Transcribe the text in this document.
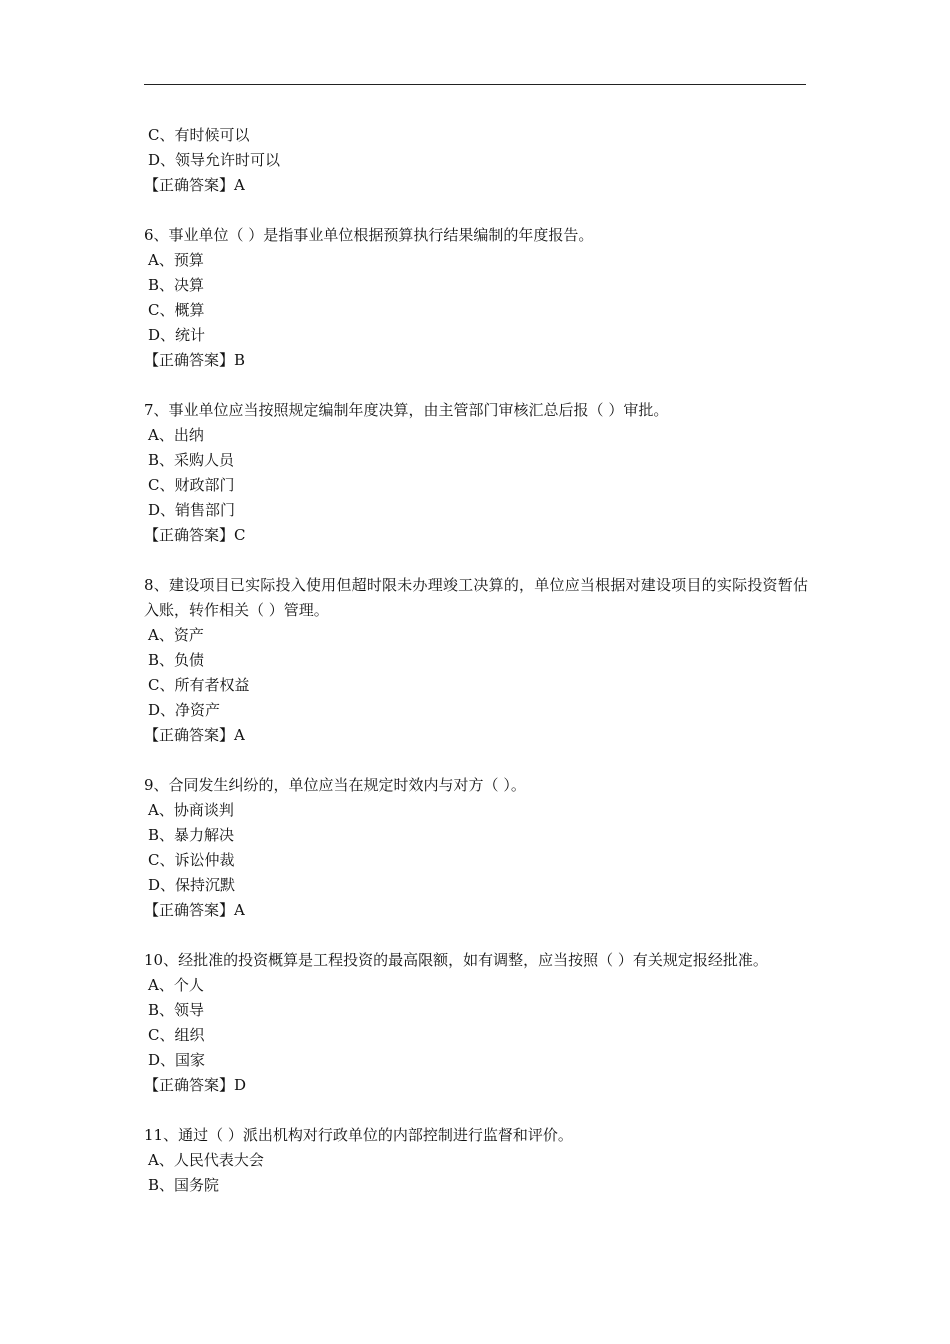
C、有时候可以

D、领导允许时可以

【正确答案】A

6、事业单位（ ）是指事业单位根据预算执行结果编制的年度报告。

A、预算

B、决算

C、概算

D、统计

【正确答案】B

7、事业单位应当按照规定编制年度决算，由主管部门审核汇总后报（ ）审批。

A、出纳

B、采购人员

C、财政部门

D、销售部门

【正确答案】C

8、建设项目已实际投入使用但超时限未办理竣工决算的，单位应当根据对建设项目的实际投资暂估入账，转作相关（ ）管理。

A、资产

B、负债

C、所有者权益

D、净资产

【正确答案】A

9、合同发生纠纷的，单位应当在规定时效内与对方（ ）。

A、协商谈判

B、暴力解决

C、诉讼仲裁

D、保持沉默

【正确答案】A

10、经批准的投资概算是工程投资的最高限额，如有调整，应当按照（ ）有关规定报经批准。

A、个人

B、领导

C、组织

D、国家

【正确答案】D

11、通过（ ）派出机构对行政单位的内部控制进行监督和评价。

A、人民代表大会

B、国务院
